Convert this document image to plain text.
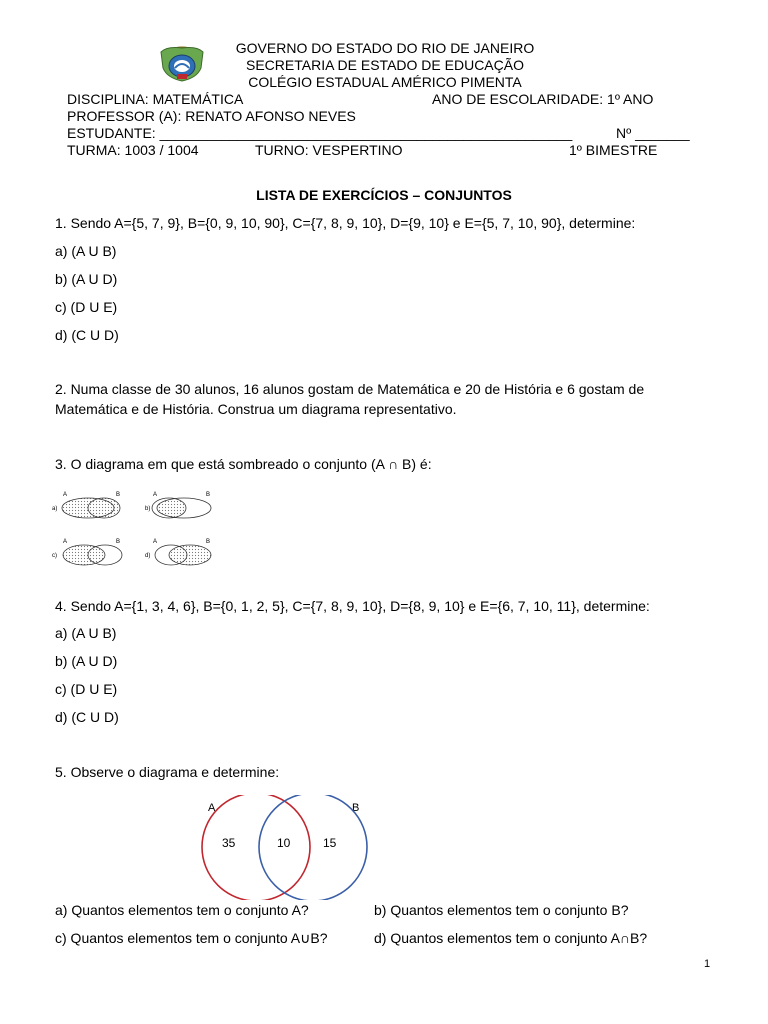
GOVERNO DO ESTADO DO RIO DE JANEIRO
SECRETARIA DE ESTADO DE EDUCAÇÃO
COLÉGIO ESTADUAL AMÉRICO PIMENTA
DISCIPLINA: MATEMÁTICA	ANO DE ESCOLARIDADE: 1º ANO
PROFESSOR (A): RENATO AFONSO NEVES
ESTUDANTE: _____________________________________________________	Nº _______
TURMA: 1003 / 1004	TURNO: VESPERTINO	1º BIMESTRE
LISTA DE EXERCÍCIOS – CONJUNTOS
1. Sendo A={5, 7, 9}, B={0, 9, 10, 90}, C={7, 8, 9, 10}, D={9, 10} e E={5, 7, 10, 90}, determine:
a) (A U B)
b) (A U D)
c) (D U E)
d) (C U D)
2. Numa classe de 30 alunos, 16 alunos gostam de Matemática e 20 de História e 6 gostam de
Matemática e de História. Construa um diagrama representativo.
3. O diagrama em que está sombreado o conjunto (A ∩ B) é:
a)
A	B
b)
A	B
c)
A	B
d)
A	B
4. Sendo A={1, 3, 4, 6}, B={0, 1, 2, 5}, C={7, 8, 9, 10}, D={8, 9, 10} e E={6, 7, 10, 11}, determine:
a) (A U B)
b) (A U D)
c) (D U E)
d) (C U D)
5. Observe o diagrama e determine:
A	B
35	10	15
a) Quantos elementos tem o conjunto A?	b) Quantos elementos tem o conjunto B?
c) Quantos elementos tem o conjunto A∪B?	d) Quantos elementos tem o conjunto A∩B?
1
